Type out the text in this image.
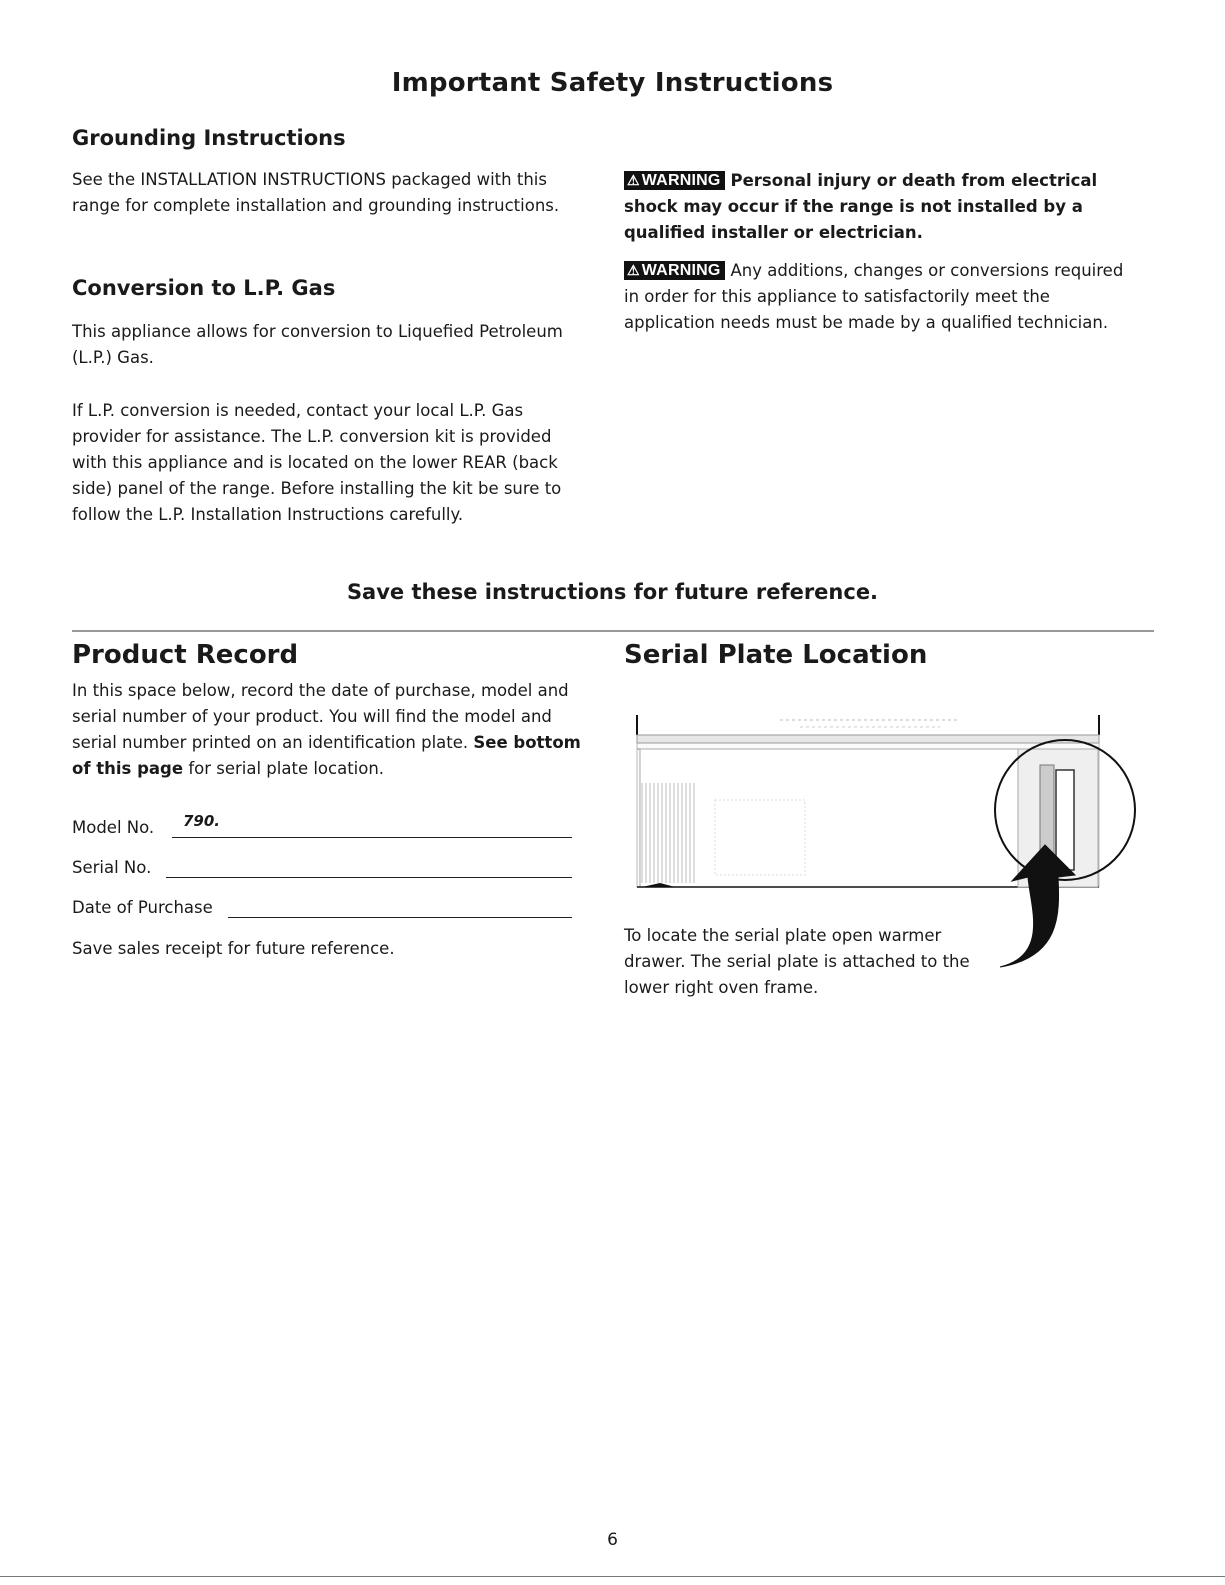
Important Safety Instructions
Grounding Instructions
See the INSTALLATION INSTRUCTIONS packaged with this range for complete installation and grounding instructions.
Conversion to L.P. Gas
This appliance allows for conversion to Liquefied Petroleum (L.P.) Gas.
If L.P. conversion is needed, contact your local L.P. Gas provider for assistance. The L.P. conversion kit is provided with this appliance and is located on the lower REAR (back side) panel of the range. Before installing the kit be sure to follow the L.P. Installation Instructions carefully.
⚠ WARNING Personal injury or death from electrical shock may occur if the range is not installed by a qualified installer or electrician.
⚠ WARNING Any additions, changes or conversions required in order for this appliance to satisfactorily meet the application needs must be made by a qualified technician.
Save these instructions for future reference.
Product Record
In this space below, record the date of purchase, model and serial number of your product. You will find the model and serial number printed on an identification plate. See bottom of this page for serial plate location.
Model No. 790.
Serial No.
Date of Purchase
Save sales receipt for future reference.
Serial Plate Location
To locate the serial plate open warmer drawer. The serial plate is attached to the lower right oven frame.
6
